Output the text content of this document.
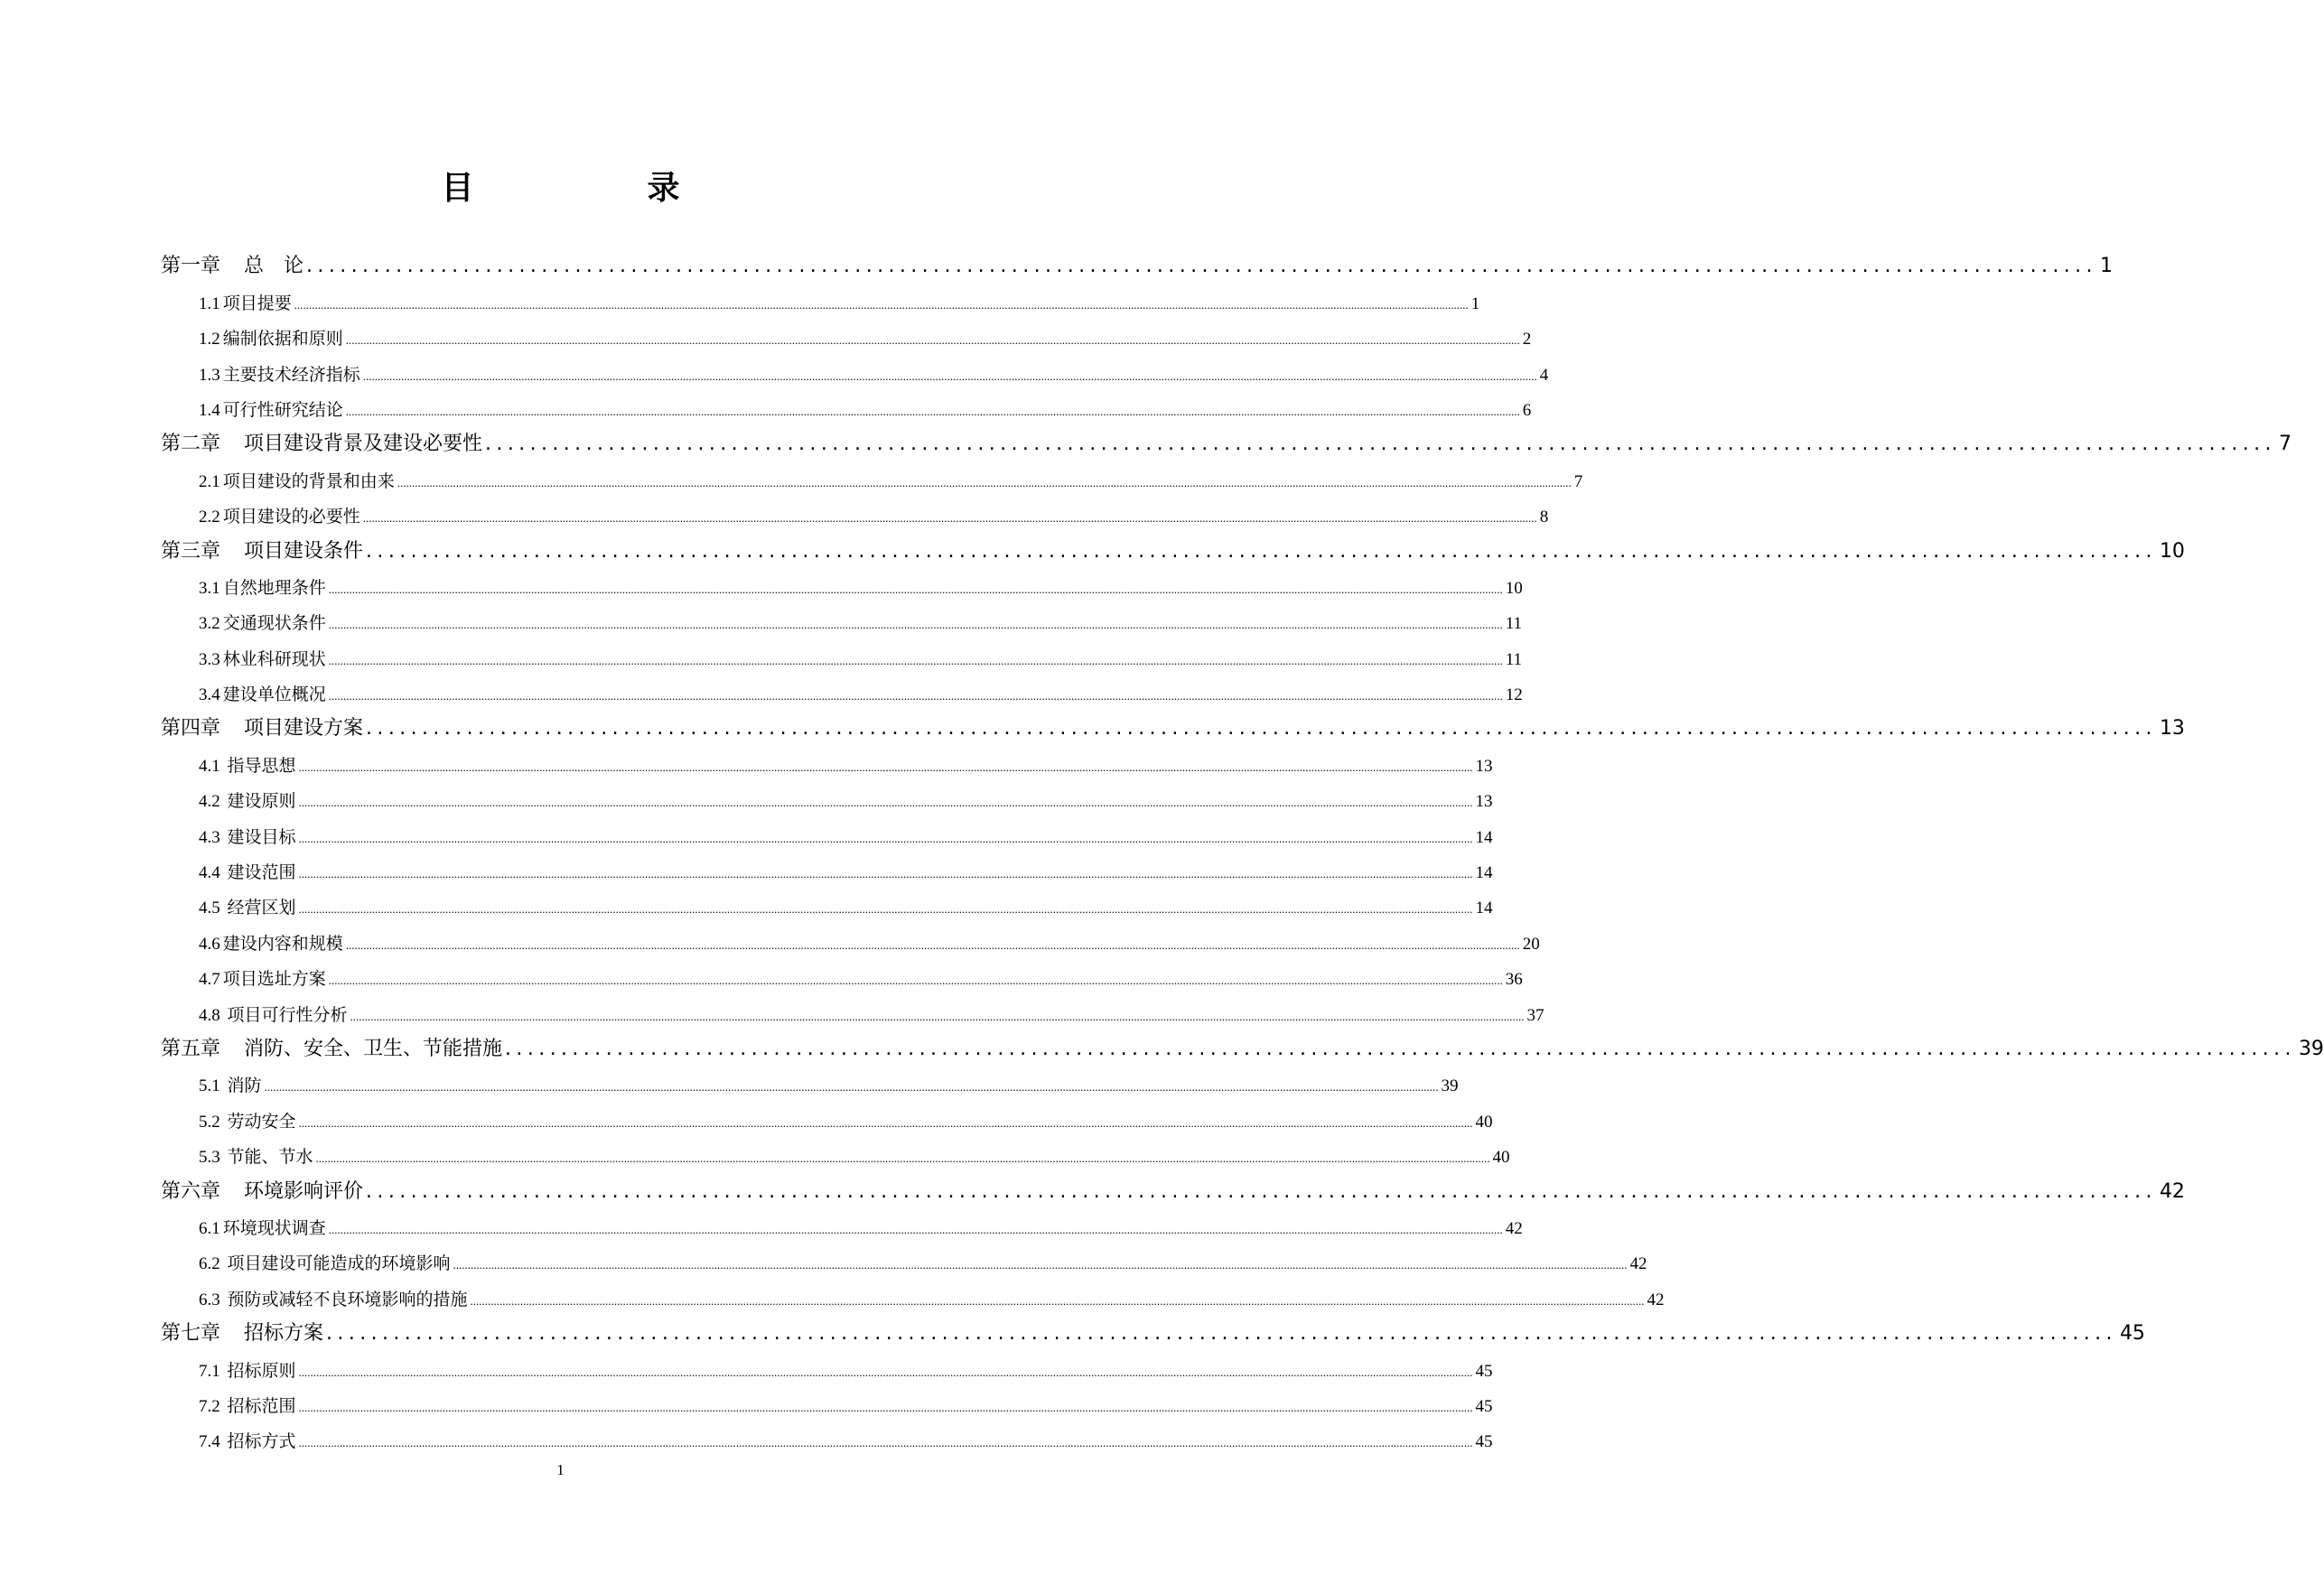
目　录
第一章	总　论 ................................................................................................................................................................ 1
1.1 项目提要 ................................................................................................................................................................................................................................................................................................................................................................................................................ 1
1.2 编制依据和原则 ................................................................................................................................................................................................................................................................................................................................................................................................................ 2
1.3 主要技术经济指标 ................................................................................................................................................................................................................................................................................................................................................................................................................ 4
1.4 可行性研究结论 ................................................................................................................................................................................................................................................................................................................................................................................................................ 6
第二章	项目建设背景及建设必要性 ................................................................................................................................................................ 7
2.1 项目建设的背景和由来 ................................................................................................................................................................................................................................................................................................................................................................................................................ 7
2.2 项目建设的必要性 ................................................................................................................................................................................................................................................................................................................................................................................................................ 8
第三章	项目建设条件 ................................................................................................................................................................ 10
3.1 自然地理条件 ................................................................................................................................................................................................................................................................................................................................................................................................................ 10
3.2 交通现状条件 ................................................................................................................................................................................................................................................................................................................................................................................................................ 11
3.3 林业科研现状 ................................................................................................................................................................................................................................................................................................................................................................................................................ 11
3.4 建设单位概况 ................................................................................................................................................................................................................................................................................................................................................................................................................ 12
第四章	项目建设方案 ................................................................................................................................................................ 13
4.1 指导思想 ................................................................................................................................................................................................................................................................................................................................................................................................................ 13
4.2 建设原则 ................................................................................................................................................................................................................................................................................................................................................................................................................ 13
4.3 建设目标 ................................................................................................................................................................................................................................................................................................................................................................................................................ 14
4.4 建设范围 ................................................................................................................................................................................................................................................................................................................................................................................................................ 14
4.5 经营区划 ................................................................................................................................................................................................................................................................................................................................................................................................................ 14
4.6 建设内容和规模 ................................................................................................................................................................................................................................................................................................................................................................................................................ 20
4.7 项目选址方案 ................................................................................................................................................................................................................................................................................................................................................................................................................ 36
4.8 项目可行性分析 ................................................................................................................................................................................................................................................................................................................................................................................................................ 37
第五章	消防、安全、卫生、节能措施 ................................................................................................................................................................ 39
5.1 消防 ................................................................................................................................................................................................................................................................................................................................................................................................................ 39
5.2 劳动安全 ................................................................................................................................................................................................................................................................................................................................................................................................................ 40
5.3 节能、节水 ................................................................................................................................................................................................................................................................................................................................................................................................................ 40
第六章	环境影响评价 ................................................................................................................................................................ 42
6.1 环境现状调查 ................................................................................................................................................................................................................................................................................................................................................................................................................ 42
6.2 项目建设可能造成的环境影响 ................................................................................................................................................................................................................................................................................................................................................................................................................ 42
6.3 预防或减轻不良环境影响的措施 ................................................................................................................................................................................................................................................................................................................................................................................................................ 42
第七章	招标方案 ................................................................................................................................................................ 45
7.1 招标原则 ................................................................................................................................................................................................................................................................................................................................................................................................................ 45
7.2 招标范围 ................................................................................................................................................................................................................................................................................................................................................................................................................ 45
7.4 招标方式 ................................................................................................................................................................................................................................................................................................................................................................................................................ 45
1
